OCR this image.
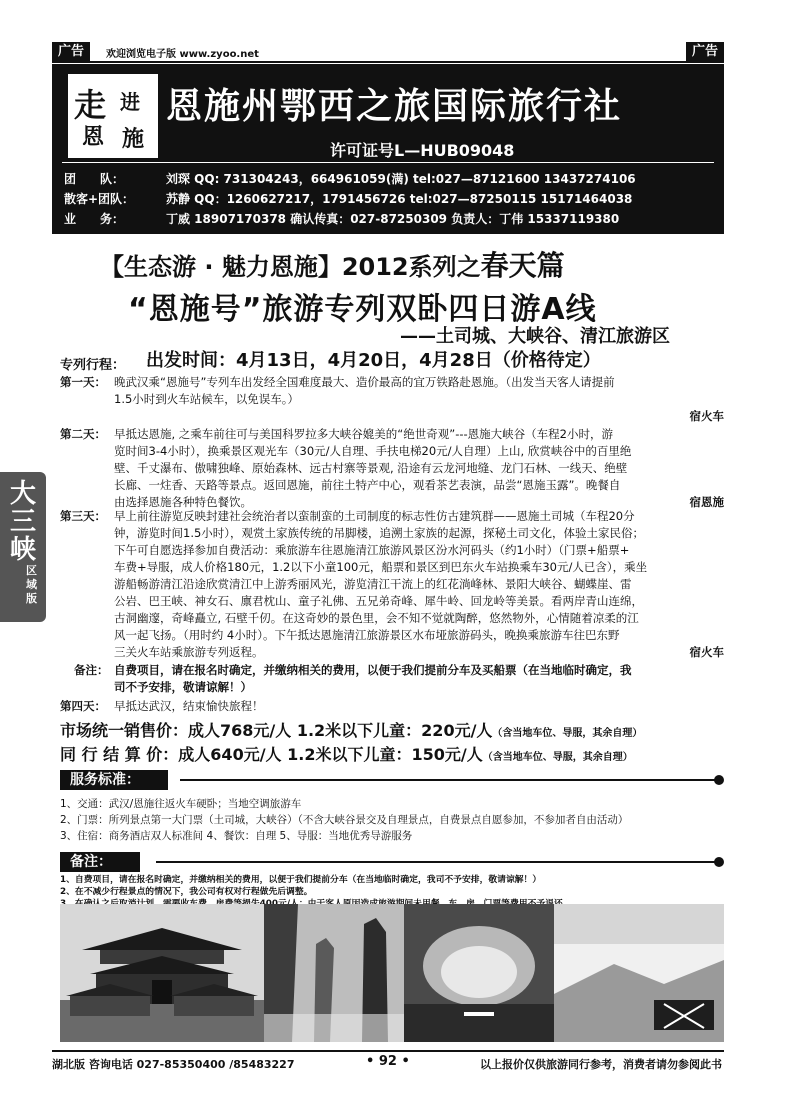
广告	欢迎浏览电子版 www.zyoo.net	广告
走 进
恩 施
恩施州鄂西之旅国际旅行社
许可证号L—HUB09048
团　　队：	刘琛 QQ: 731304243，664961059(满) tel:027—87121600 13437274106
散客+团队：	苏静 QQ：1260627217，1791456726 tel:027—87250115 15171464038
业　　务：	丁威 18907170378 确认传真：027-87250309 负责人：丁伟 15337119380
【生态游 · 魅力恩施】2012系列之春天篇
“恩施号”旅游专列双卧四日游A线
——土司城、大峡谷、清江旅游区
专列行程： 出发时间：4月13日，4月20日，4月28日（价格待定）
第一天： 晚武汉乘“恩施号”专列车出发经全国难度最大、造价最高的宜万铁路赴恩施。（出发当天客人请提前
1.5小时到火车站候车，以免误车。）
宿火车
第二天： 早抵达恩施, 之乘车前往可与美国科罗拉多大峡谷媲美的“绝世奇观”---恩施大峡谷（车程2小时，游
览时间3-4小时），换乘景区观光车（30元/人自理、手扶电梯20元/人自理）上山, 欣赏峡谷中的百里绝
壁、千丈瀑布、傲啸独峰、原始森林、远古村寨等景观, 沿途有云龙河地缝、龙门石林、一线天、绝壁
长廊、一炷香、天路等景点。返回恩施，前往土特产中心，观看茶艺表演，品尝“恩施玉露”。晚餐自
由选择恩施各种特色餐饮。	宿恩施
第三天： 早上前往游览反映封建社会统治者以蛮制蛮的土司制度的标志性仿古建筑群——恩施土司城（车程20分
钟，游览时间1.5小时），观赏土家族传统的吊脚楼，追溯土家族的起源，探秘土司文化，体验土家民俗；
下午可自愿选择参加自费活动：乘旅游车往恩施清江旅游风景区汾水河码头（约1小时）（门票+船票+
车费+导服，成人价格180元，1.2以下小童100元，船票和景区到巴东火车站换乘车30元/人已含），乘坐
游船畅游清江沿途欣赏清江中上游秀丽风光，游览清江干流上的红花淌峰林、景阳大峡谷、蝴蝶崖、雷
公岩、巴王峡、神女石、廪君枕山、童子礼佛、五兄弟奇峰、犀牛岭、回龙岭等美景。看两岸青山连绵，
古洞幽邃，奇峰矗立, 石壁千仞。在这奇妙的景色里，会不知不觉就陶醉，悠然物外，心情随着凉柔的江
风一起飞扬。（用时约 4小时）。下午抵达恩施清江旅游景区水布垭旅游码头，晚换乘旅游车往巴东野
三关火车站乘旅游专列返程。	宿火车
备注： 自费项目，请在报名时确定，并缴纳相关的费用，以便于我们提前分车及买船票（在当地临时确定，我
司不予安排，敬请谅解！）
第四天： 早抵达武汉，结束愉快旅程！
市场统一销售价：成人768元/人 1.2米以下儿童：220元/人（含当地车位、导服，其余自理）
同 行 结 算 价：成人640元/人 1.2米以下儿童：150元/人（含当地车位、导服，其余自理）
服务标准：
1、交通：武汉/恩施往返火车硬卧；当地空调旅游车
2、门票：所列景点第一大门票（土司城，大峡谷）（不含大峡谷景交及自理景点，自费景点自愿参加，不参加者自由活动）
3、住宿：商务酒店双人标准间 4、餐饮：自理 5、导服：当地优秀导游服务
备注：
1、自费项目，请在报名时确定，并缴纳相关的费用，以便于我们提前分车（在当地临时确定，我司不予安排，敬请谅解！）
2、在不减少行程景点的情况下，我公司有权对行程做先后调整。
大三峡
区域版
湖北版 咨询电话 027-85350400 /85483227	• 92 •	以上报价仅供旅游同行参考，消费者请勿参阅此书
